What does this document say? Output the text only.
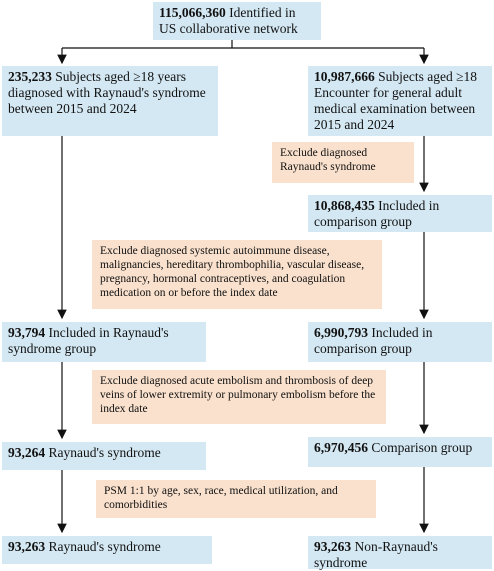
115,066,360 Identified in US collaborative network
235,233 Subjects aged ≥18 years diagnosed with Raynaud's syndrome between 2015 and 2024
10,987,666 Subjects aged ≥18 Encounter for general adult medical examination between 2015 and 2024
Exclude diagnosed Raynaud's syndrome
10,868,435 Included in comparison group
Exclude diagnosed systemic autoimmune disease, malignancies, hereditary thrombophilia, vascular disease, pregnancy, hormonal contraceptives, and coagulation medication on or before the index date
93,794 Included in Raynaud's syndrome group
6,990,793 Included in comparison group
Exclude diagnosed acute embolism and thrombosis of deep veins of lower extremity or pulmonary embolism before the index date
93,264 Raynaud's syndrome	6,970,456 Comparison group
PSM 1:1 by age, sex, race, medical utilization, and comorbidities
93,263 Raynaud's syndrome	93,263 Non-Raynaud's syndrome
